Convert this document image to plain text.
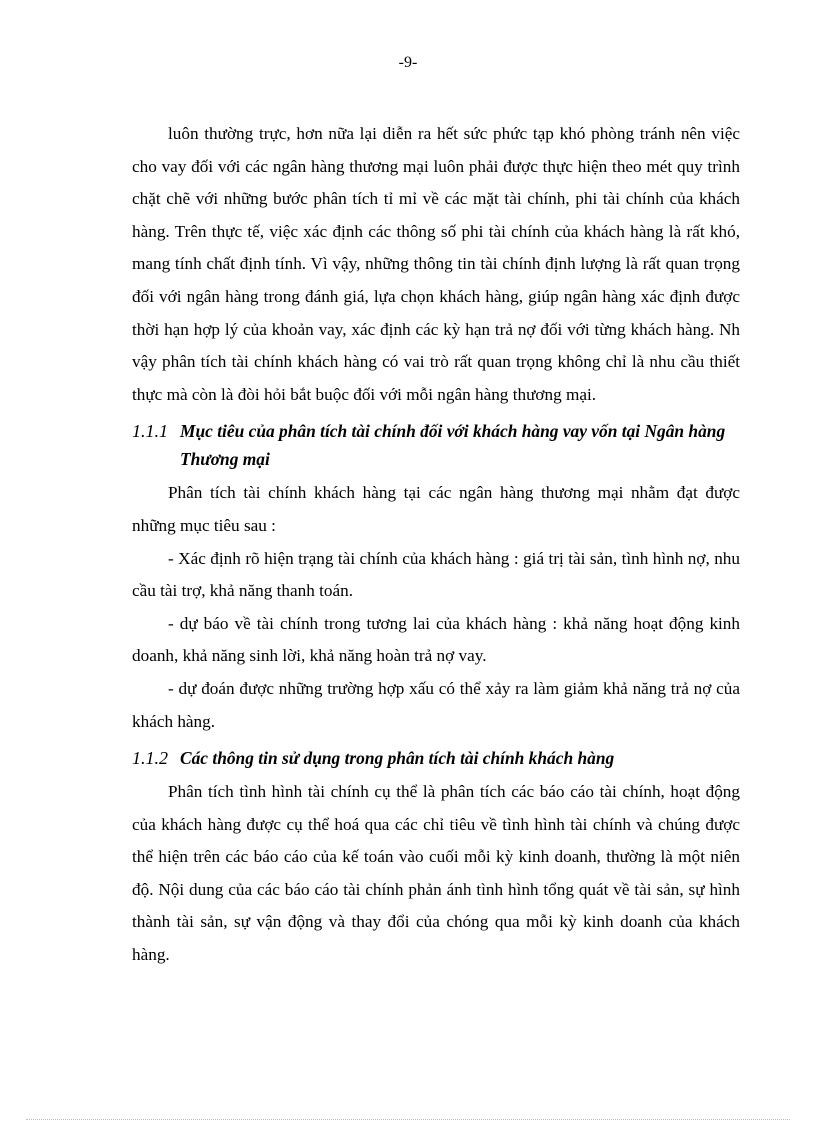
-9-

luôn thường trực, hơn nữa lại diễn ra hết sức phức tạp khó phòng tránh nên việc cho vay đối với các ngân hàng thương mại luôn phải được thực hiện theo mét quy trình chặt chẽ với những bước phân tích tỉ mỉ về các mặt tài chính, phi tài chính của khách hàng. Trên thực tế, việc xác định các thông số phi tài chính của khách hàng là rất khó, mang tính chất định tính. Vì vậy, những thông tin tài chính định lượng là rất quan trọng đối với ngân hàng trong đánh giá, lựa chọn khách hàng, giúp ngân hàng xác định được thời hạn hợp lý của khoản vay, xác định các kỳ hạn trả nợ đối với từng khách hàng. Nh vậy phân tích tài chính khách hàng có vai trò rất quan trọng không chỉ là nhu cầu thiết thực mà còn là đòi hỏi bắt buộc đối với mỗi ngân hàng thương mại.

1.1.1 Mục tiêu của phân tích tài chính đối với khách hàng vay vốn tại Ngân hàng Thương mại

Phân tích tài chính khách hàng tại các ngân hàng thương mại nhằm đạt được những mục tiêu sau :

- Xác định rõ hiện trạng tài chính của khách hàng : giá trị tài sản, tình hình nợ, nhu cầu tài trợ, khả năng thanh toán.

- dự báo về tài chính trong tương lai của khách hàng : khả năng hoạt động kinh doanh, khả năng sinh lời, khả năng hoàn trả nợ vay.

- dự đoán được những trường hợp xấu có thể xảy ra làm giảm khả năng trả nợ của khách hàng.

1.1.2 Các thông tin sử dụng trong phân tích tài chính khách hàng

Phân tích tình hình tài chính cụ thể là phân tích các báo cáo tài chính, hoạt động của khách hàng được cụ thể hoá qua các chỉ tiêu về tình hình tài chính và chúng được thể hiện trên các báo cáo của kế toán vào cuối mỗi kỳ kinh doanh, thường là một niên độ. Nội dung của các báo cáo tài chính phản ánh tình hình tổng quát về tài sản, sự hình thành tài sản, sự vận động và thay đổi của chóng qua mỗi kỳ kinh doanh của khách hàng.
